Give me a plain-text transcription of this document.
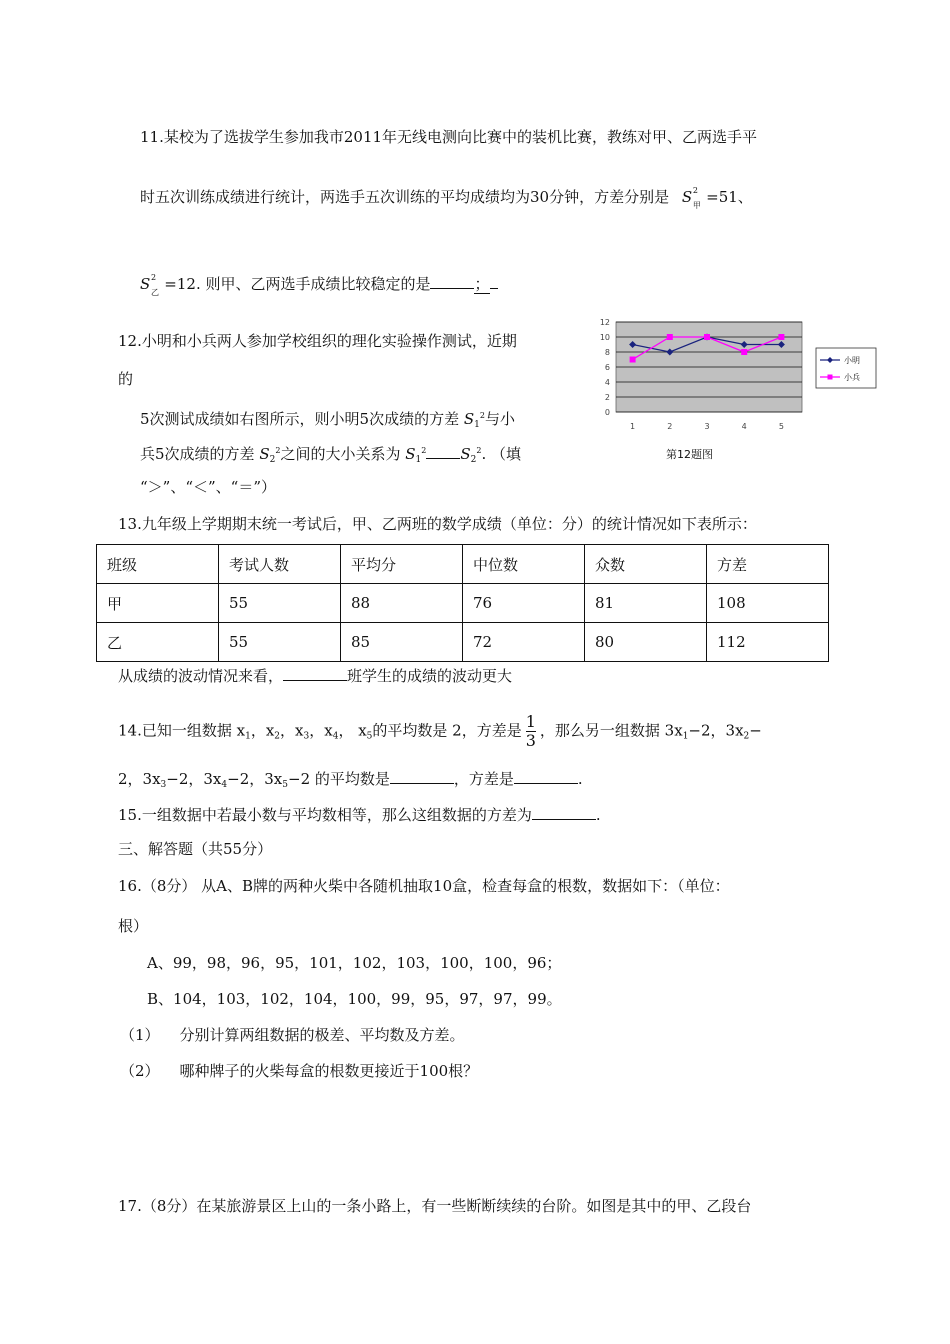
11.某校为了选拔学生参加我市2011年无线电测向比赛中的装机比赛，教练对甲、乙两选手平
时五次训练成绩进行统计，两选手五次训练的平均成绩均为30分钟，方差分别是 S 2
甲 =51、
S 2
乙 =12. 则甲、乙两选手成绩比较稳定的是	；
12.小明和小兵两人参加学校组织的理化实验操作测试，近期
的
5次测试成绩如右图所示，则小明5次成绩的方差 $S_1^2$与小
兵5次成绩的方差 $S_2^2$之间的大小关系为 $S_1^2$ $S_2^2$. （填
“＞”、“＜”、“＝”）
0
2
4
6
8
10
12
1	2	3	4	5
小明
小兵
第12题图
13.九年级上学期期末统一考试后，甲、乙两班的数学成绩（单位：分）的统计情况如下表所示：
班级	考试人数	平均分	中位数	众数	方差
甲	55	88	76	81	108
乙	55	85	72	80	112
从成绩的波动情况来看，	班学生的成绩的波动更大
14.已知一组数据 $x_1$，$x_2$，$x_3$，$x_4$， $x_5$的平均数是 2，方差是 $\frac{1}{3}$ ，那么另一组数据 $3x_1-2$，$3x_2-$
2，$3x_3-2$，$3x_4-2$，$3x_5-2$ 的平均数是	，方差是	.
15.一组数据中若最小数与平均数相等，那么这组数据的方差为	.
三、解答题（共55分）
16.（8分） 从A、B牌的两种火柴中各随机抽取10盒，检查每盒的根数，数据如下：（单位：
根）
A、99，98，96，95，101，102，103，100，100，96；
B、104，103，102，104，100，99，95，97，97，99。
（1） 分别计算两组数据的极差、平均数及方差。
（2） 哪种牌子的火柴每盒的根数更接近于100根？
17.（8分）在某旅游景区上山的一条小路上，有一些断断续续的台阶。如图是其中的甲、乙段台
